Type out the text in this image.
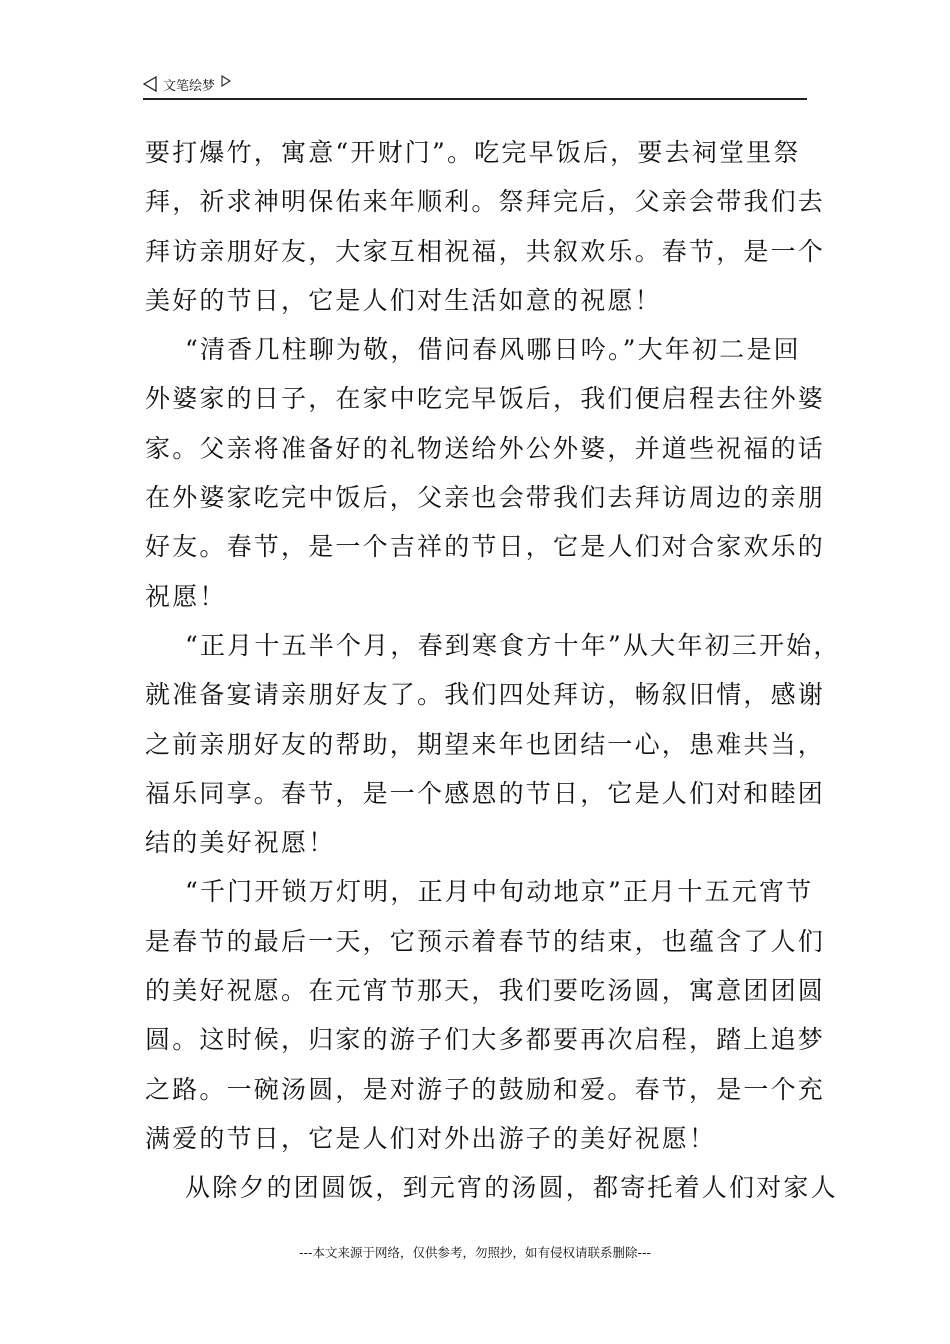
文笔绘梦

要打爆竹，寓意“开财门”。吃完早饭后，要去祠堂里祭
拜，祈求神明保佑来年顺利。祭拜完后，父亲会带我们去
拜访亲朋好友，大家互相祝福，共叙欢乐。春节，是一个
美好的节日，它是人们对生活如意的祝愿！

“清香几柱聊为敬，借问春风哪日吟。”大年初二是回
外婆家的日子，在家中吃完早饭后，我们便启程去往外婆
家。父亲将准备好的礼物送给外公外婆，并道些祝福的话
在外婆家吃完中饭后，父亲也会带我们去拜访周边的亲朋
好友。春节，是一个吉祥的节日，它是人们对合家欢乐的
祝愿！

“正月十五半个月，春到寒食方十年”从大年初三开始，
就准备宴请亲朋好友了。我们四处拜访，畅叙旧情，感谢
之前亲朋好友的帮助，期望来年也团结一心，患难共当，
福乐同享。春节，是一个感恩的节日，它是人们对和睦团
结的美好祝愿！

“千门开锁万灯明，正月中旬动地京”正月十五元宵节
是春节的最后一天，它预示着春节的结束，也蕴含了人们
的美好祝愿。在元宵节那天，我们要吃汤圆，寓意团团圆
圆。这时候，归家的游子们大多都要再次启程，踏上追梦
之路。一碗汤圆，是对游子的鼓励和爱。春节，是一个充
满爱的节日，它是人们对外出游子的美好祝愿！

从除夕的团圆饭，到元宵的汤圆，都寄托着人们对家人

---本文来源于网络，仅供参考，勿照抄，如有侵权请联系删除---
